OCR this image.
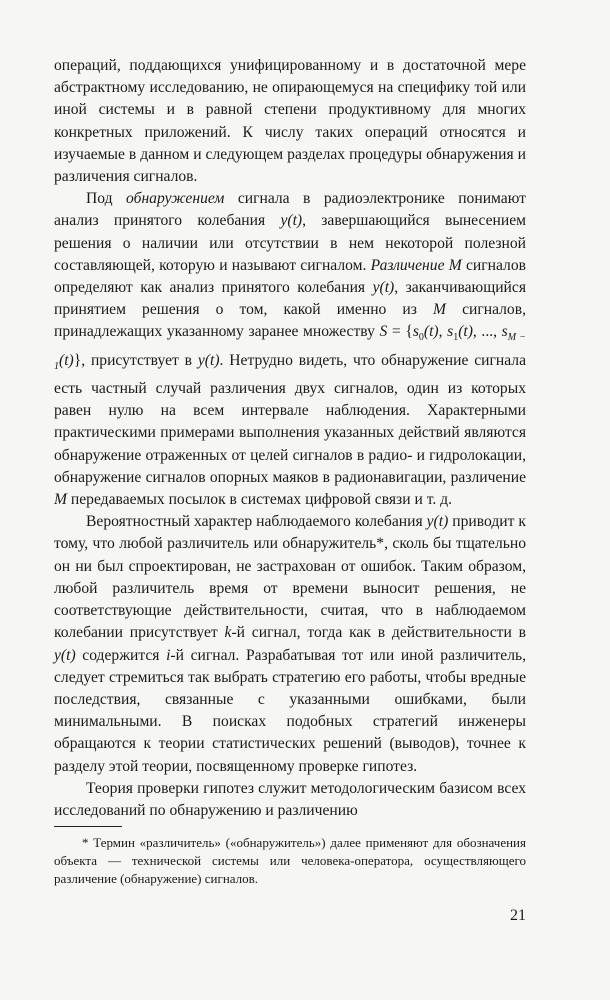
операций, поддающихся унифицированному и в достаточной мере абстрактному исследованию, не опирающемуся на специфику той или иной системы и в равной степени продуктивному для многих конкретных приложений. К числу таких операций относятся и изучаемые в данном и следующем разделах процедуры обнаружения и различения сигналов.

Под обнаружением сигнала в радиоэлектронике понимают анализ принятого колебания y(t), завершающийся вынесением решения о наличии или отсутствии в нем некоторой полезной составляющей, которую и называют сигналом. Различение M сигналов определяют как анализ принятого колебания y(t), заканчивающийся принятием решения о том, какой именно из M сигналов, принадлежащих указанному заранее множеству $S = \{s_0(t)$, $s_1(t)$, ..., $s_{M - 1}(t)$}, присутствует в y(t). Нетрудно видеть, что обнаружение сигнала есть частный случай различения двух сигналов, один из которых равен нулю на всем интервале наблюдения. Характерными практическими примерами выполнения указанных действий являются обнаружение отраженных от целей сигналов в радио- и гидролокации, обнаружение сигналов опорных маяков в радионавигации, различение M передаваемых посылок в системах цифровой связи и т. д.

Вероятностный характер наблюдаемого колебания y(t) приводит к тому, что любой различитель или обнаружитель*, сколь бы тщательно он ни был спроектирован, не застрахован от ошибок. Таким образом, любой различитель время от времени выносит решения, не соответствующие действительности, считая, что в наблюдаемом колебании присутствует k-й сигнал, тогда как в действительности в y(t) содержится i-й сигнал. Разрабатывая тот или иной различитель, следует стремиться так выбрать стратегию его работы, чтобы вредные последствия, связанные с указанными ошибками, были минимальными. В поисках подобных стратегий инженеры обращаются к теории статистических решений (выводов), точнее к разделу этой теории, посвященному проверке гипотез.

Теория проверки гипотез служит методологическим базисом всех исследований по обнаружению и различению

* Термин «различитель» («обнаружитель») далее применяют для обозначения объекта — технической системы или человека-оператора, осуществляющего различение (обнаружение) сигналов.

21
